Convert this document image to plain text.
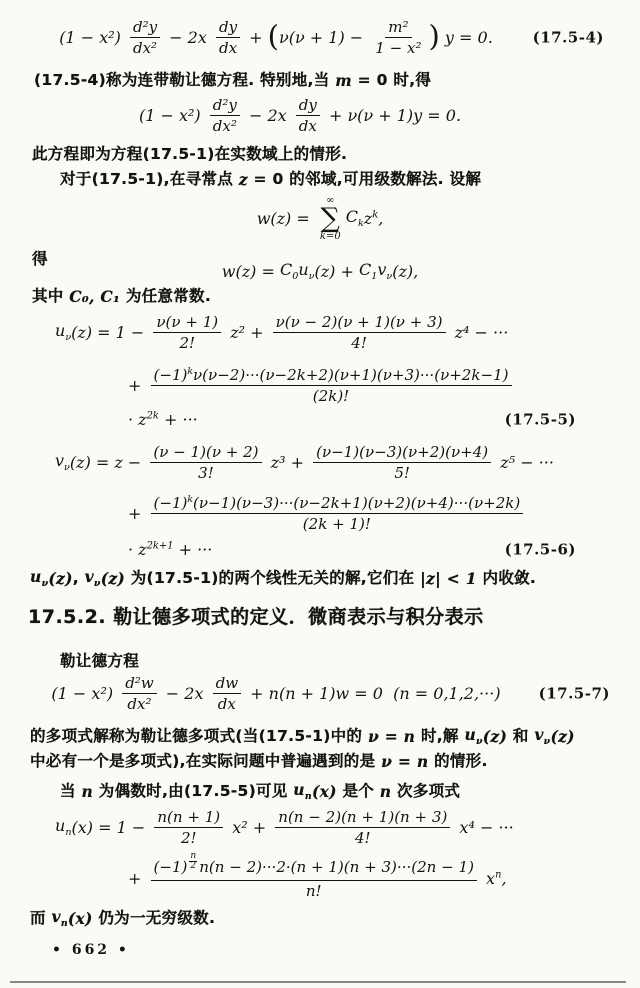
$(1 - x^2) \frac{\text{d²y}}{\text{dx²}} - 2x \frac{dy}{dx}$ + ( $\nu(\nu + 1) - \frac{\text{m²}}{\text{1 − x²}}$ ) y = 0.	(17.5-4)
(17.5-4)称为 连带勒让德方程 . 特别地,当 m = 0 时,得
$(1 - x^2) \frac{\text{d²y}}{\text{dx²}} - 2x \frac{dy}{dx} + \nu(\nu + 1)y = 0$.
此方程即为方程(17.5-1)在实数域上的情形.
对于(17.5-1),在寻常点 z = 0 的邻域,可用级数解法. 设解
w(z) =
∞
∑
k=0
$C_k$ $z^k$ ,
得
$w(z) = C_0$ $u_\nu$ $(z) + C_1$ $v_\nu$ (z),
其中 C₀, C₁ 为任意常数.
$u_\nu$ $(z) = 1 - \frac{\nu(\nu + 1)}{2!} z^2 + \frac{\nu(\nu - 2)(\nu + 1)(\nu + 3)}{4!} z^4$ − ···
+ $\frac{(-1)^k\nu(\nu-2)\cdot\cdot\cdot(\nu-2k+2)(\nu+1)(\nu+3)\cdot\cdot\cdot(\nu+2k-1)}{(2k)!}$
· $z^{2k}$ + ···	(17.5-5)
$v_\nu$ $(z) = z - \frac{(\nu - 1)(\nu + 2)}{3!} z^3 + \frac{(\nu-1)(\nu-3)(\nu+2)(\nu+4)}{5!} z^5$ − ···
+ $\frac{(-1)^k(\nu-1)(\nu-3)\cdot\cdot\cdot(\nu-2k+1)(\nu+2)(\nu+4)\cdot\cdot\cdot(\nu+2k)}{(2k + 1)!}$
· $z^{2k+1}$ + ···	(17.5-6)
$u_\nu$ (z) , $v_\nu$ (z) 为(17.5-1)的两个线性无关的解,它们在 |z| < 1 内收敛.
17.5.2. 勒让德多项式的定义．微商表示与积分表示
勒让德方程
$(1 - x^2) \frac{\text{d²w}}{\text{dx²}} - 2x \frac{dw}{dx} + n(n + 1)w = 0$  (n = 0,1,2,···)	(17.5-7)
的多项式解称为 勒让德多项式 (当(17.5-1)中的 ν = n 时,解 $u_\nu$ (z) 和 $v_\nu$ (z)
中必有一个是多项式),在实际问题中普遍遇到的是 ν = n 的情形.
当 n 为偶数时,由(17.5-5)可见 $u_n$ (x) 是个 n 次多项式
$u_n$ $(x) = 1 - \frac{n(n + 1)}{2!} x^2 + \frac{n(n - 2)(n + 1)(n + 3)}{4!} x^4$ − ···
+ $\frac{(-1) \frac{n}{2} n(n - 2)\cdot\cdot\cdot 2\cdot(n + 1)(n + 3)\cdot\cdot\cdot(2n - 1)}{n!}$
$x^n$ ,
而 $v_n$ (x) 仍为一无穷级数.
• 662 •
